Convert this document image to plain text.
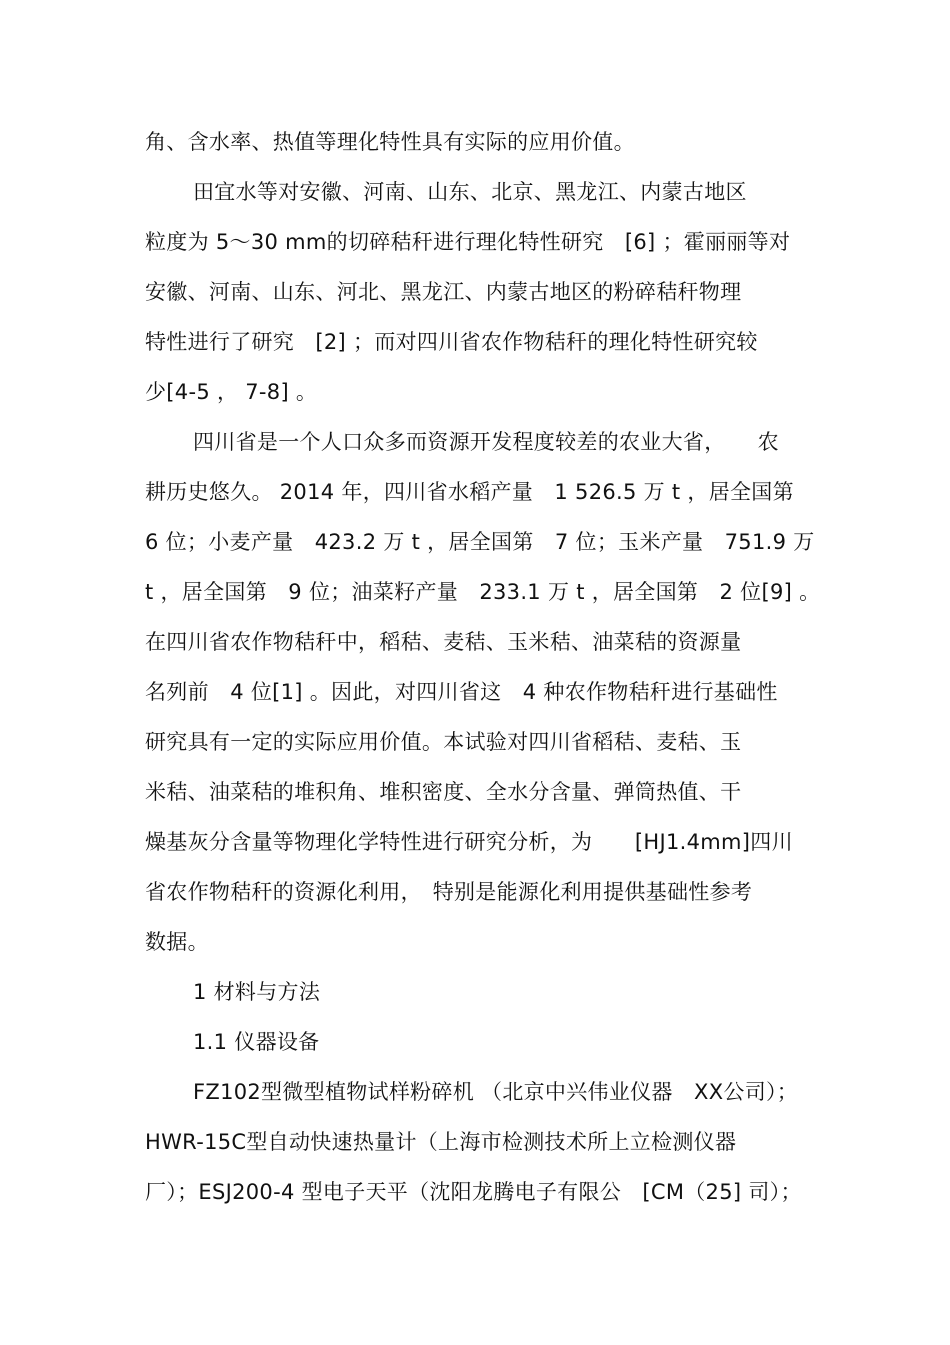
角、含水率、热值等理化特性具有实际的应用价值。
田宜水等对安徽、河南、山东、北京、黑龙江、内蒙古地区
粒度为 5～30 mm的切碎秸秆进行理化特性研究　[6] ；霍丽丽等对
安徽、河南、山东、河北、黑龙江、内蒙古地区的粉碎秸秆物理
特性进行了研究　[2] ；而对四川省农作物秸秆的理化特性研究较
少[4-5 ， 7-8] 。
四川省是一个人口众多而资源开发程度较差的农业大省，　　农
耕历史悠久。 2014 年，四川省水稻产量　1 526.5 万 t ，居全国第
6 位；小麦产量　423.2 万 t ，居全国第　7 位；玉米产量　751.9 万
t ，居全国第　9 位；油菜籽产量　233.1 万 t ，居全国第　2 位[9] 。
在四川省农作物秸秆中，稻秸、麦秸、玉米秸、油菜秸的资源量
名列前　4 位[1] 。因此，对四川省这　4 种农作物秸秆进行基础性
研究具有一定的实际应用价值。本试验对四川省稻秸、麦秸、玉
米秸、油菜秸的堆积角、堆积密度、全水分含量、弹筒热值、干
燥基灰分含量等物理化学特性进行研究分析，为　　[HJ1.4mm]四川
省农作物秸秆的资源化利用，　特别是能源化利用提供基础性参考
数据。
1 材料与方法
1.1 仪器设备
FZ102型微型植物试样粉碎机 （北京中兴伟业仪器　XX公司）；
HWR-15C型自动快速热量计（上海市检测技术所上立检测仪器
厂）；ESJ200-4 型电子天平（沈阳龙腾电子有限公　[CM（25] 司）；
